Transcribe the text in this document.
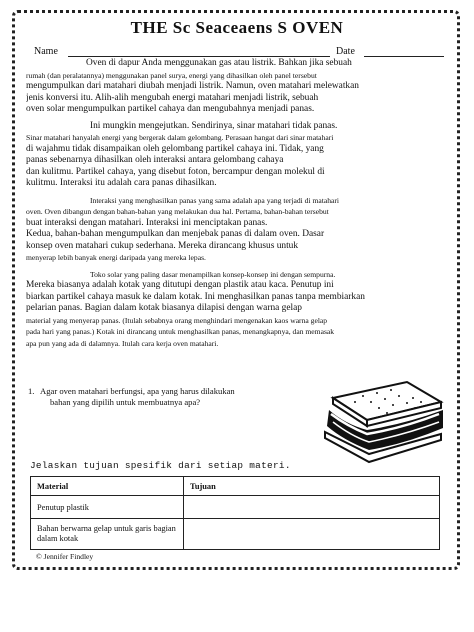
THE Sc Seaceaens S OVEN
Name	Date
Oven di dapur Anda menggunakan gas atau listrik. Bahkan jika sebuah
rumah (dan peralatannya) menggunakan panel surya, energi yang dihasilkan oleh panel tersebut
mengumpulkan dari matahari diubah menjadi listrik. Namun, oven matahari melewatkan
jenis konversi itu. Alih-alih mengubah energi matahari menjadi listrik, sebuah
oven solar mengumpulkan partikel cahaya dan mengubahnya menjadi panas.
Ini mungkin mengejutkan. Sendirinya, sinar matahari tidak panas.
Sinar matahari hanyalah energi yang bergerak dalam gelombang. Perasaan hangat dari sinar matahari
di wajahmu tidak disampaikan oleh gelombang partikel cahaya ini. Tidak, yang
panas sebenarnya dihasilkan oleh interaksi antara gelombang cahaya
dan kulitmu. Partikel cahaya, yang disebut foton, bercampur dengan molekul di
kulitmu. Interaksi itu adalah cara panas dihasilkan.
Interaksi yang menghasilkan panas yang sama adalah apa yang terjadi di matahari
oven. Oven dibangun dengan bahan-bahan yang melakukan dua hal. Pertama, bahan-bahan tersebut
buat interaksi dengan matahari. Interaksi ini menciptakan panas.
Kedua, bahan-bahan mengumpulkan dan menjebak panas di dalam oven. Dasar
konsep oven matahari cukup sederhana. Mereka dirancang khusus untuk
menyerap lebih banyak energi daripada yang mereka lepas.
Toko solar yang paling dasar menampilkan konsep-konsep ini dengan sempurna.
Mereka biasanya adalah kotak yang ditutupi dengan plastik atau kaca. Penutup ini
biarkan partikel cahaya masuk ke dalam kotak. Ini menghasilkan panas tanpa membiarkan
pelarian panas. Bagian dalam kotak biasanya dilapisi dengan warna gelap
material yang menyerap panas. (Itulah sebabnya orang menghindari mengenakan kaos warna gelap
pada hari yang panas.) Kotak ini dirancang untuk menghasilkan panas, menangkapnya, dan memasak
apa pun yang ada di dalamnya. Itulah cara kerja oven matahari.
1. Agar oven matahari berfungsi, apa yang harus dilakukan
bahan yang dipilih untuk membuatnya apa?
Jelaskan tujuan spesifik dari setiap materi.
Material	Tujuan
Penutup plastik	
Bahan berwarna gelap untuk garis bagian dalam kotak	
© Jennifer Findley
